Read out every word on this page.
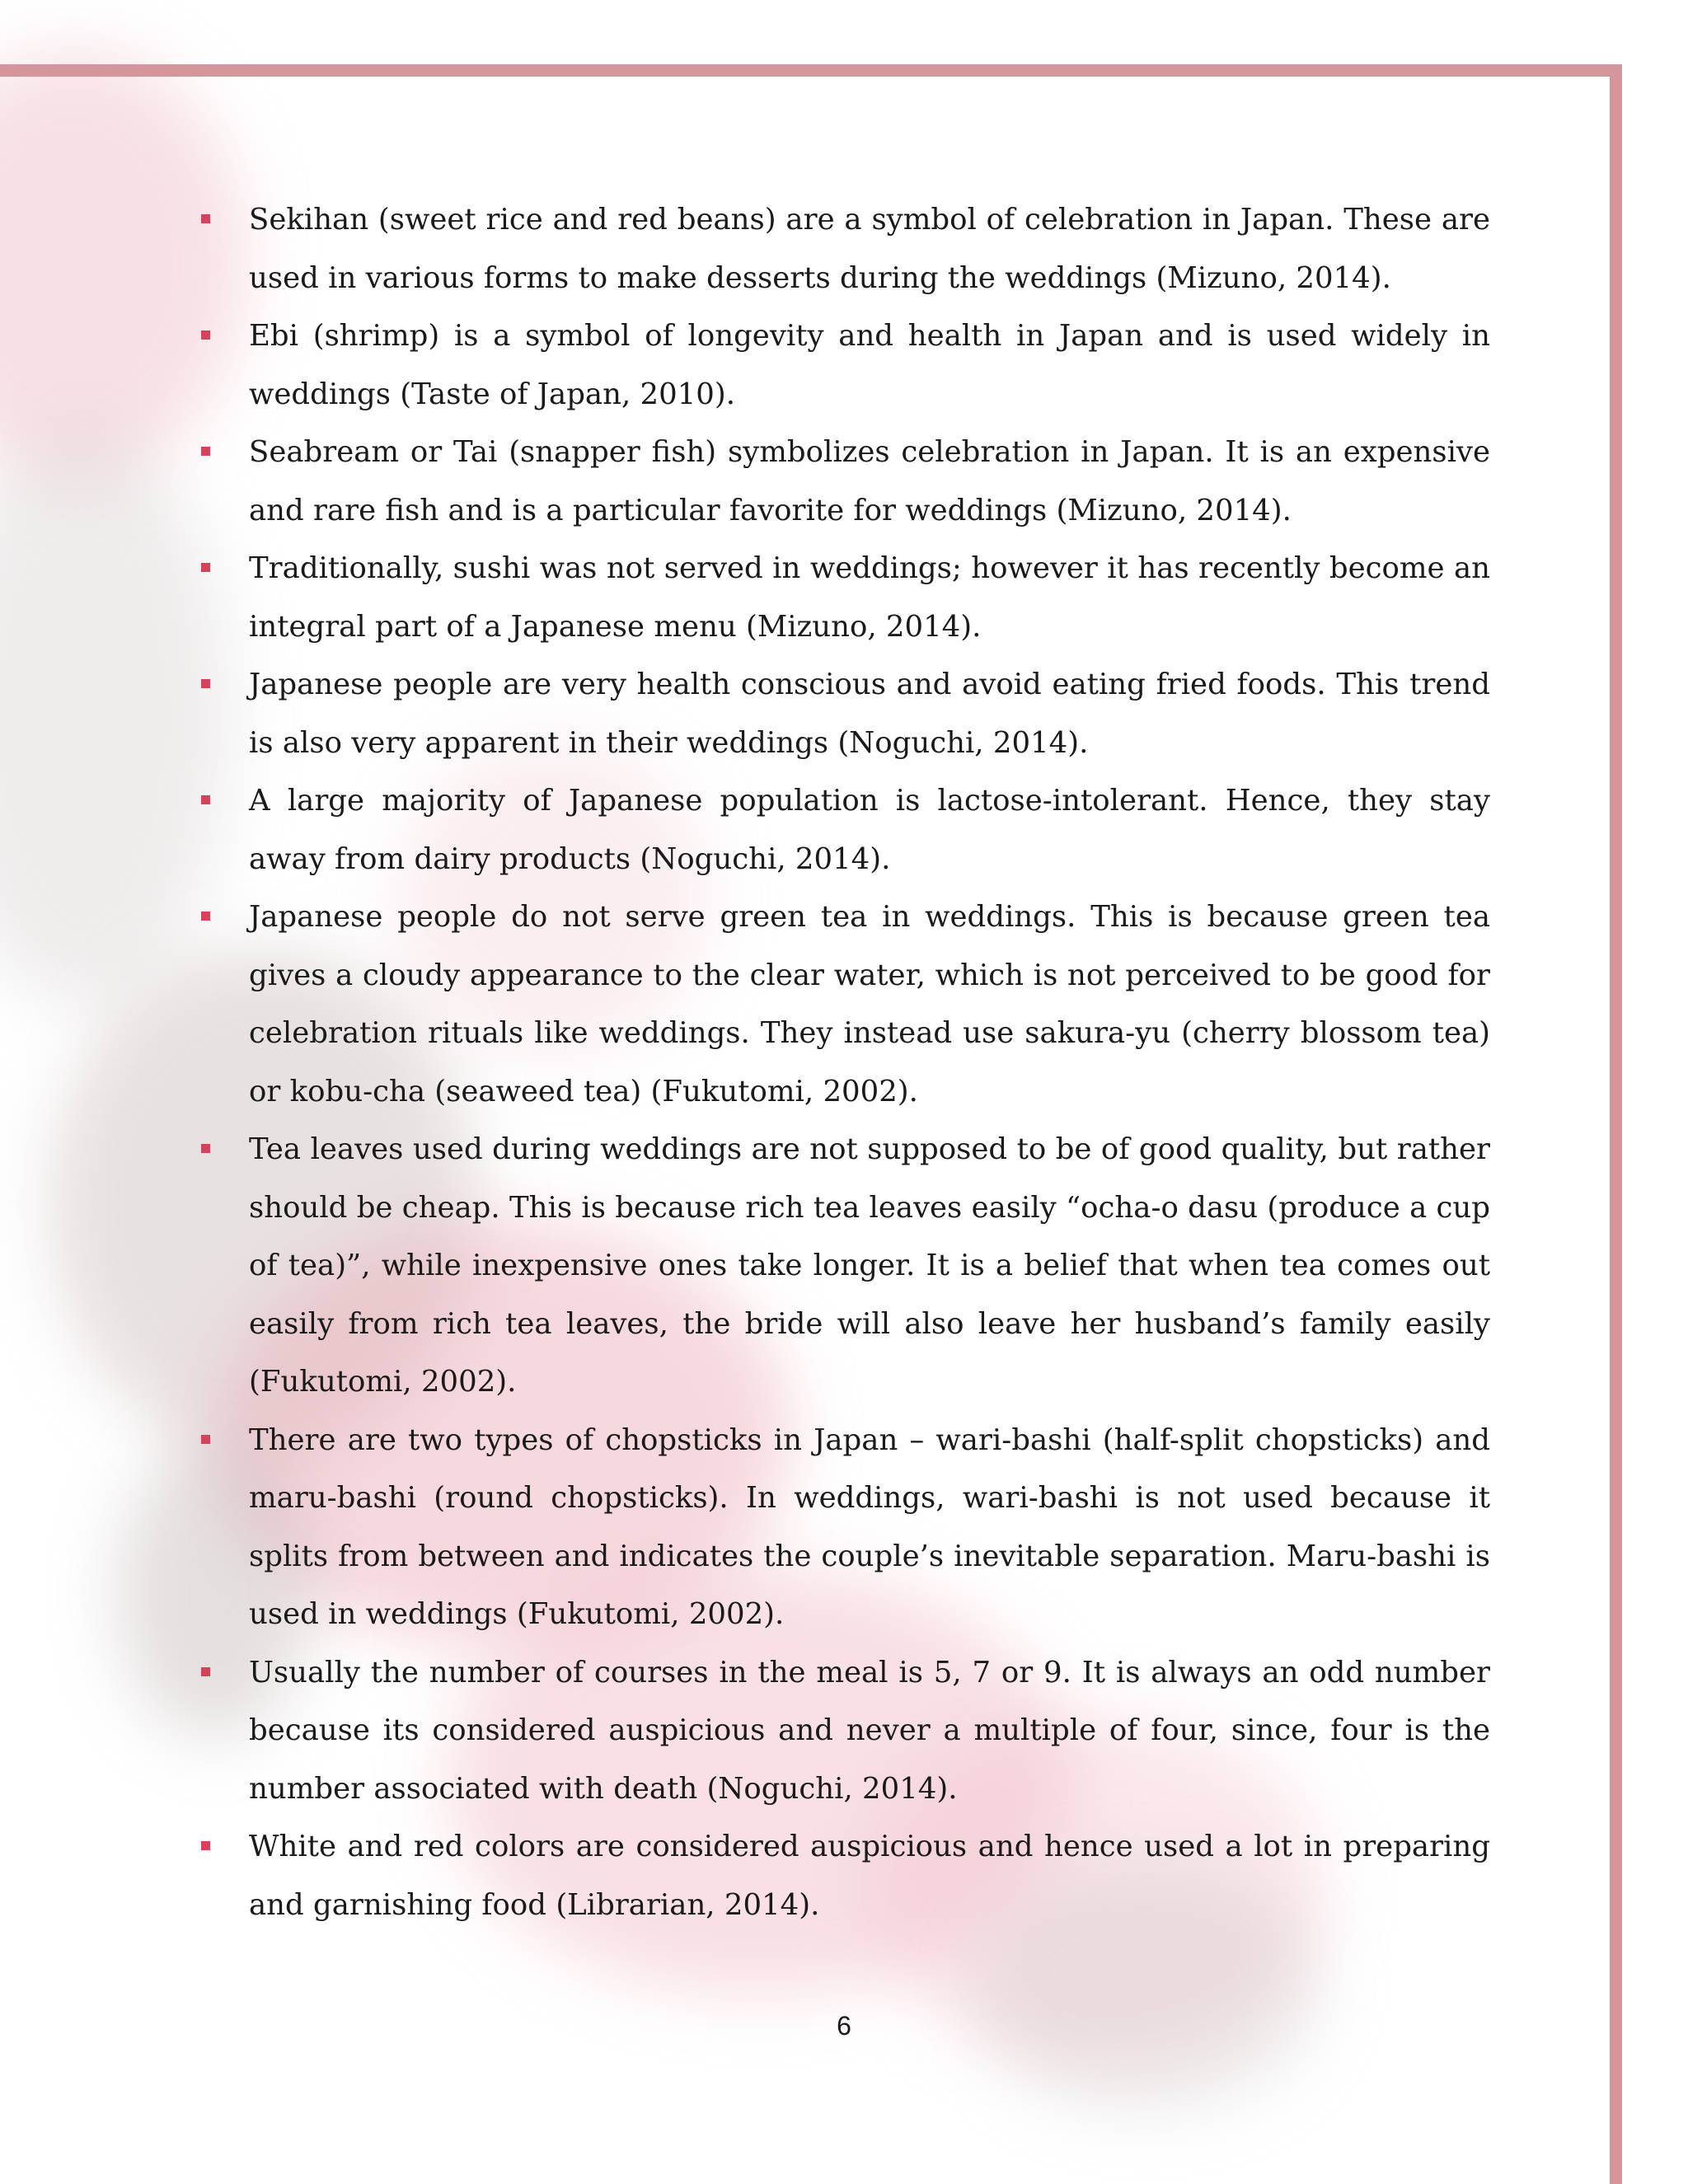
Sekihan (sweet rice and red beans) are a symbol of celebration in Japan. These are used in various forms to make desserts during the weddings (Mizuno, 2014).
Ebi (shrimp) is a symbol of longevity and health in Japan and is used widely in weddings (Taste of Japan, 2010).
Seabream or Tai (snapper fish) symbolizes celebration in Japan. It is an expensive and rare fish and is a particular favorite for weddings (Mizuno, 2014).
Traditionally, sushi was not served in weddings; however it has recently become an integral part of a Japanese menu (Mizuno, 2014).
Japanese people are very health conscious and avoid eating fried foods. This trend is also very apparent in their weddings (Noguchi, 2014).
A large majority of Japanese population is lactose-intolerant. Hence, they stay away from dairy products (Noguchi, 2014).
Japanese people do not serve green tea in weddings. This is because green tea gives a cloudy appearance to the clear water, which is not perceived to be good for celebration rituals like weddings. They instead use sakura-yu (cherry blossom tea) or kobu-cha (seaweed tea) (Fukutomi, 2002).
Tea leaves used during weddings are not supposed to be of good quality, but rather should be cheap. This is because rich tea leaves easily “ocha-o dasu (produce a cup of tea)”, while inexpensive ones take longer. It is a belief that when tea comes out easily from rich tea leaves, the bride will also leave her husband’s family easily (Fukutomi, 2002).
There are two types of chopsticks in Japan – wari-bashi (half-split chopsticks) and maru-bashi (round chopsticks). In weddings, wari-bashi is not used because it splits from between and indicates the couple’s inevitable separation. Maru-bashi is used in weddings (Fukutomi, 2002).
Usually the number of courses in the meal is 5, 7 or 9. It is always an odd number because its considered auspicious and never a multiple of four, since, four is the number associated with death (Noguchi, 2014).
White and red colors are considered auspicious and hence used a lot in preparing and garnishing food (Librarian, 2014).
6
